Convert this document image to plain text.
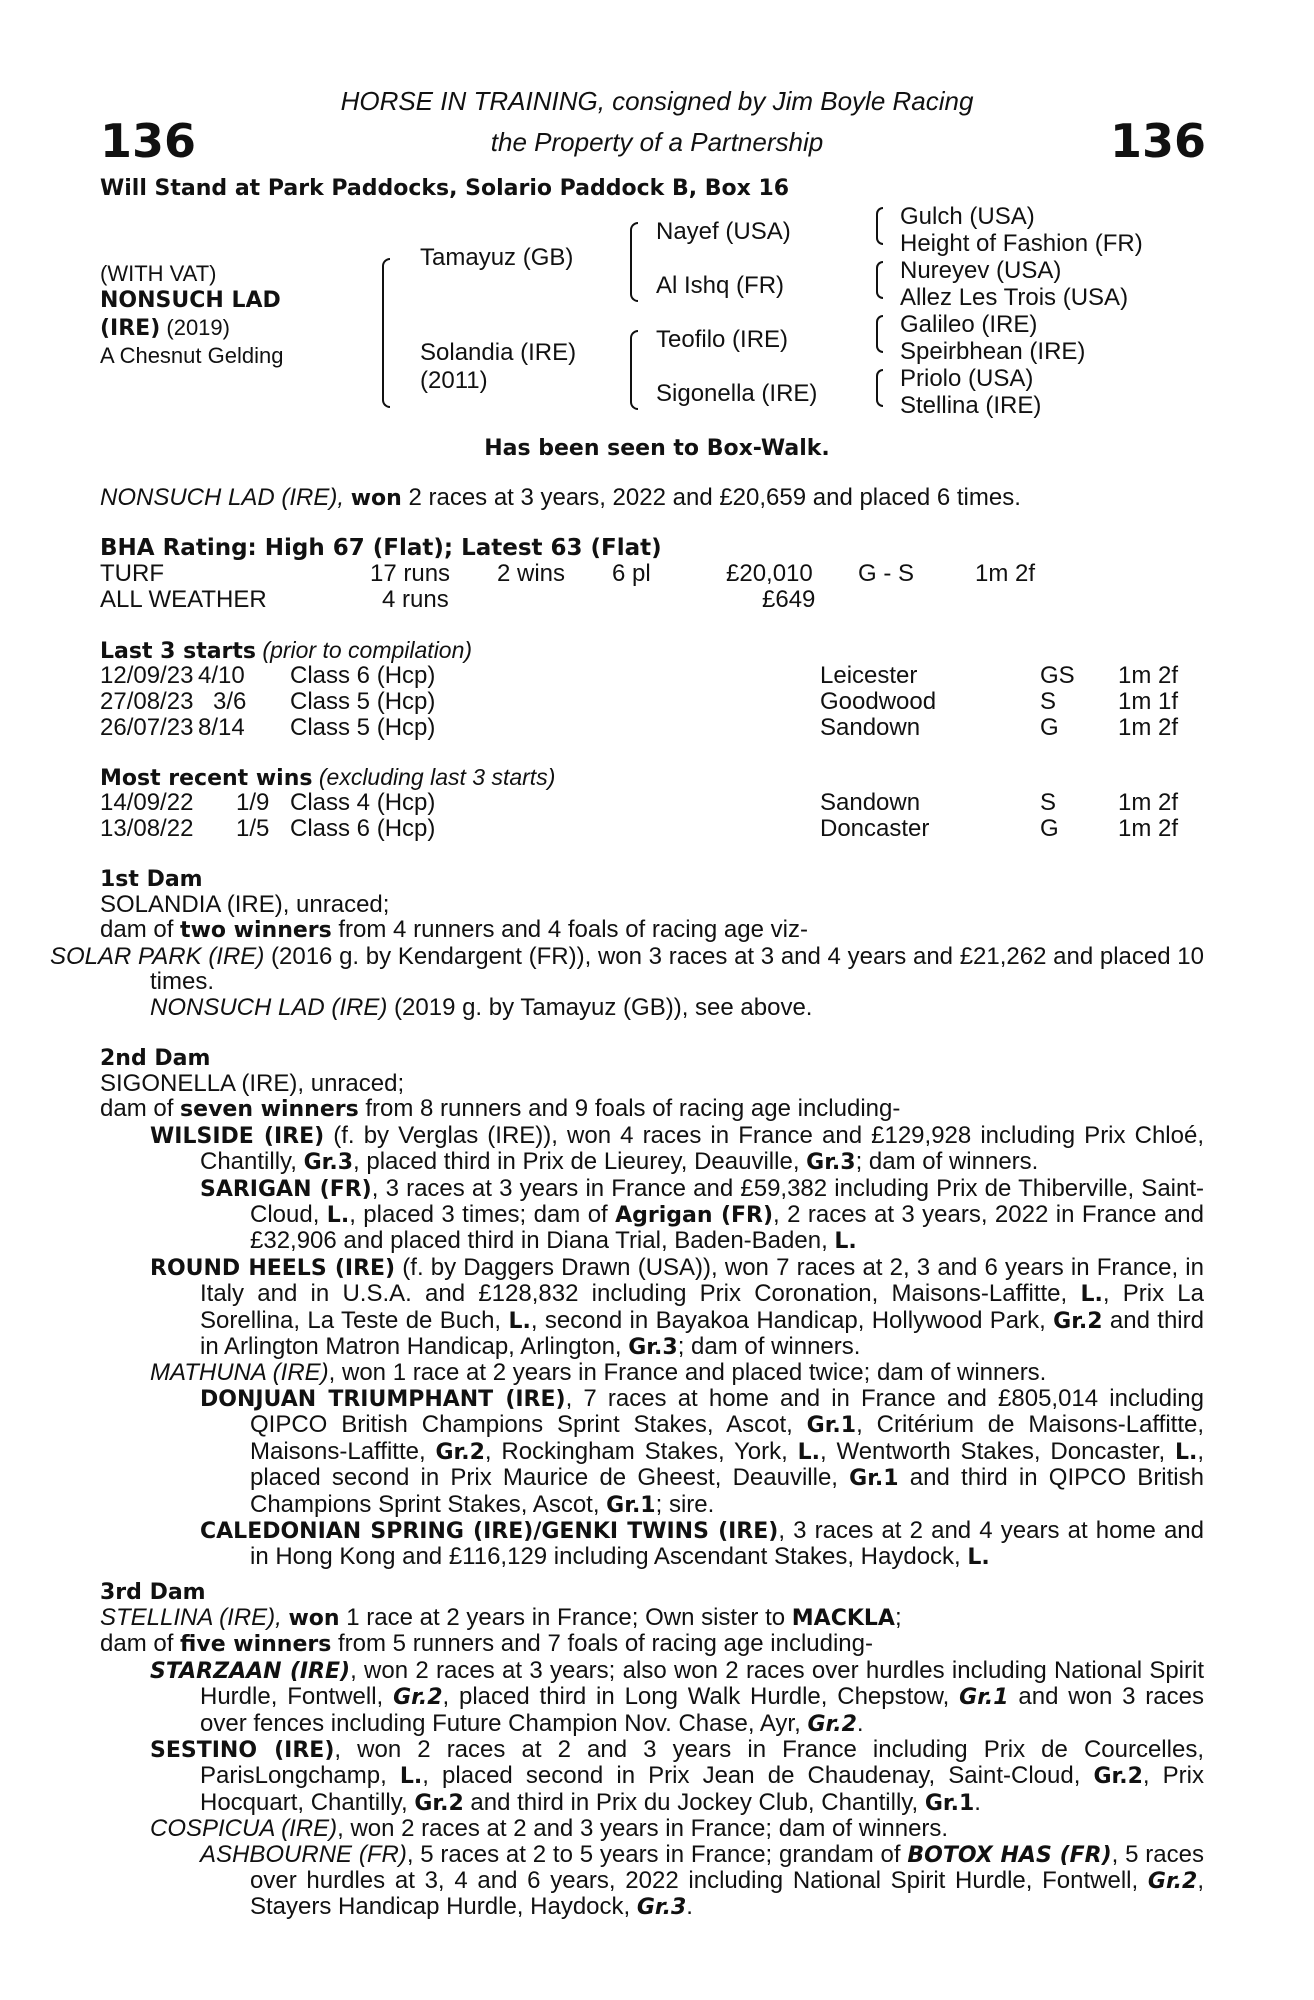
136	136
HORSE IN TRAINING, consigned by Jim Boyle Racing
the Property of a Partnership
Will Stand at Park Paddocks, Solario Paddock B, Box 16
(WITH VAT)
NONSUCH LAD
(IRE) (2019)
A Chesnut Gelding
Tamayuz (GB)
Solandia (IRE)
(2011)
Nayef (USA)
Al Ishq (FR)
Teofilo (IRE)
Sigonella (IRE)
Gulch (USA)
Height of Fashion (FR)
Nureyev (USA)
Allez Les Trois (USA)
Galileo (IRE)
Speirbhean (IRE)
Priolo (USA)
Stellina (IRE)
Has been seen to Box-Walk.
NONSUCH LAD (IRE), won 2 races at 3 years, 2022 and £20,659 and placed 6 times.
BHA Rating: High 67 (Flat); Latest 63 (Flat)
TURF	17 runs 2 wins 6 pl	£20,010 G - S	1m 2f
ALL WEATHER	4 runs	£649
Last 3 starts (prior to compilation)
12/09/23 4/10 Class 6 (Hcp)	Leicester	GS 1m 2f
27/08/23 3/6 Class 5 (Hcp)	Goodwood	S	1m 1f
26/07/23 8/14 Class 5 (Hcp)	Sandown	G 1m 2f
Most recent wins (excluding last 3 starts)
14/09/22 1/9 Class 4 (Hcp)	Sandown	S	1m 2f
13/08/22 1/5 Class 6 (Hcp)	Doncaster	G 1m 2f
1st Dam
SOLANDIA (IRE), unraced;
dam of two winners from 4 runners and 4 foals of racing age viz-
SOLAR PARK (IRE) (2016 g. by Kendargent (FR)), won 3 races at 3 and 4 years and £21,262 and placed 10 times.
NONSUCH LAD (IRE) (2019 g. by Tamayuz (GB)), see above.
2nd Dam
SIGONELLA (IRE), unraced;
dam of seven winners from 8 runners and 9 foals of racing age including-
WILSIDE (IRE) (f. by Verglas (IRE)), won 4 races in France and £129,928 including Prix Chloé, Chantilly, Gr.3, placed third in Prix de Lieurey, Deauville, Gr.3; dam of winners.
SARIGAN (FR), 3 races at 3 years in France and £59,382 including Prix de Thiberville, Saint-Cloud, L., placed 3 times; dam of Agrigan (FR), 2 races at 3 years, 2022 in France and £32,906 and placed third in Diana Trial, Baden-Baden, L.
ROUND HEELS (IRE) (f. by Daggers Drawn (USA)), won 7 races at 2, 3 and 6 years in France, in Italy and in U.S.A. and £128,832 including Prix Coronation, Maisons-Laffitte, L., Prix La Sorellina, La Teste de Buch, L., second in Bayakoa Handicap, Hollywood Park, Gr.2 and third in Arlington Matron Handicap, Arlington, Gr.3; dam of winners.
MATHUNA (IRE), won 1 race at 2 years in France and placed twice; dam of winners.
DONJUAN TRIUMPHANT (IRE), 7 races at home and in France and £805,014 including QIPCO British Champions Sprint Stakes, Ascot, Gr.1, Critérium de Maisons-Laffitte, Maisons-Laffitte, Gr.2, Rockingham Stakes, York, L., Wentworth Stakes, Doncaster, L., placed second in Prix Maurice de Gheest, Deauville, Gr.1 and third in QIPCO British Champions Sprint Stakes, Ascot, Gr.1; sire.
CALEDONIAN SPRING (IRE)/GENKI TWINS (IRE), 3 races at 2 and 4 years at home and in Hong Kong and £116,129 including Ascendant Stakes, Haydock, L.
3rd Dam
STELLINA (IRE), won 1 race at 2 years in France; Own sister to MACKLA;
dam of five winners from 5 runners and 7 foals of racing age including-
STARZAAN (IRE), won 2 races at 3 years; also won 2 races over hurdles including National Spirit Hurdle, Fontwell, Gr.2, placed third in Long Walk Hurdle, Chepstow, Gr.1 and won 3 races over fences including Future Champion Nov. Chase, Ayr, Gr.2.
SESTINO (IRE), won 2 races at 2 and 3 years in France including Prix de Courcelles, ParisLongchamp, L., placed second in Prix Jean de Chaudenay, Saint-Cloud, Gr.2, Prix Hocquart, Chantilly, Gr.2 and third in Prix du Jockey Club, Chantilly, Gr.1.
COSPICUA (IRE), won 2 races at 2 and 3 years in France; dam of winners.
ASHBOURNE (FR), 5 races at 2 to 5 years in France; grandam of BOTOX HAS (FR), 5 races over hurdles at 3, 4 and 6 years, 2022 including National Spirit Hurdle, Fontwell, Gr.2, Stayers Handicap Hurdle, Haydock, Gr.3.
